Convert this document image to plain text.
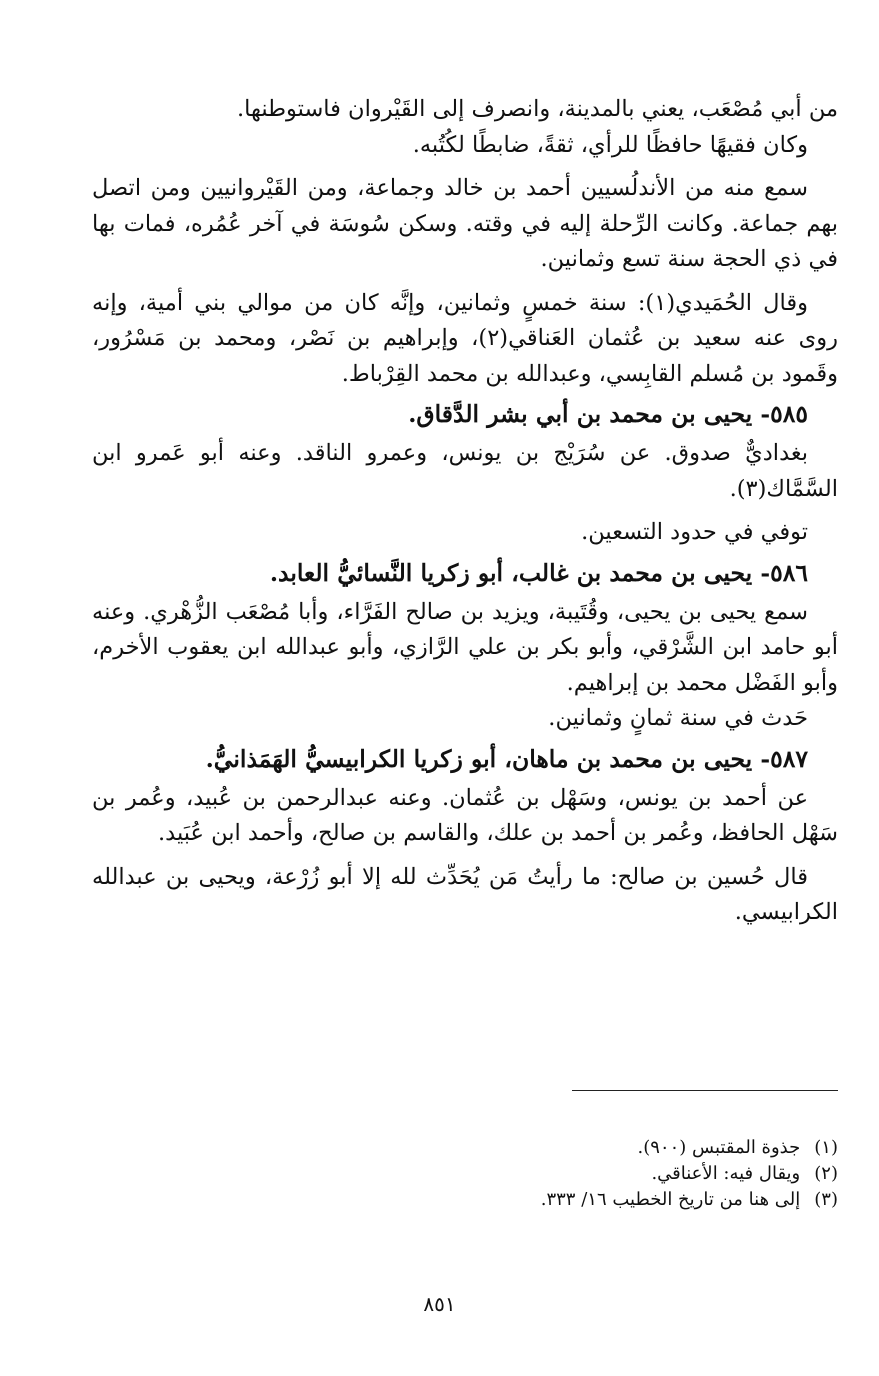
من أبي مُصْعَب، يعني بالمدينة، وانصرف إلى القَيْروان فاستوطنها.

وكان فقيهًا حافظًا للرأي، ثقةً، ضابطًا لكُتُبه.

سمع منه من الأندلُسيين أحمد بن خالد وجماعة، ومن القَيْروانيين ومن اتصل بهم جماعة. وكانت الرِّحلة إليه في وقته. وسكن سُوسَة في آخر عُمُره، فمات بها في ذي الحجة سنة تسع وثمانين.

وقال الحُمَيدي(١): سنة خمسٍ وثمانين، وإنَّه كان من موالي بني أمية، وإنه روى عنه سعيد بن عُثمان العَناقي(٢)، وإبراهيم بن نَصْر، ومحمد بن مَسْرُور، وقَمود بن مُسلم القابِسي، وعبدالله بن محمد القِرْباط.

٥٨٥- يحيى بن محمد بن أبي بشر الدَّقاق.

بغداديٌّ صدوق. عن سُرَيْج بن يونس، وعمرو الناقد. وعنه أبو عَمرو ابن السَّمَّاك(٣).

توفي في حدود التسعين.

٥٨٦- يحيى بن محمد بن غالب، أبو زكريا النَّسائيُّ العابد.

سمع يحيى بن يحيى، وقُتَيبة، ويزيد بن صالح الفَرَّاء، وأبا مُصْعَب الزُّهْري. وعنه أبو حامد ابن الشَّرْقي، وأبو بكر بن علي الرَّازي، وأبو عبدالله ابن يعقوب الأخرم، وأبو الفَضْل محمد بن إبراهيم.

حَدث في سنة ثمانٍ وثمانين.

٥٨٧- يحيى بن محمد بن ماهان، أبو زكريا الكرابيسيُّ الهَمَذانيُّ.

عن أحمد بن يونس، وسَهْل بن عُثمان. وعنه عبدالرحمن بن عُبيد، وعُمر بن سَهْل الحافظ، وعُمر بن أحمد بن علك، والقاسم بن صالح، وأحمد ابن عُبَيد.

قال حُسين بن صالح: ما رأيتُ مَن يُحَدِّث لله إلا أبو زُرْعة، ويحيى بن عبدالله الكرابيسي.

(١)جذوة المقتبس (٩٠٠).

(٢)ويقال فيه: الأعناقي.

(٣)إلى هنا من تاريخ الخطيب ١٦/ ٣٣٣.

٨٥١
